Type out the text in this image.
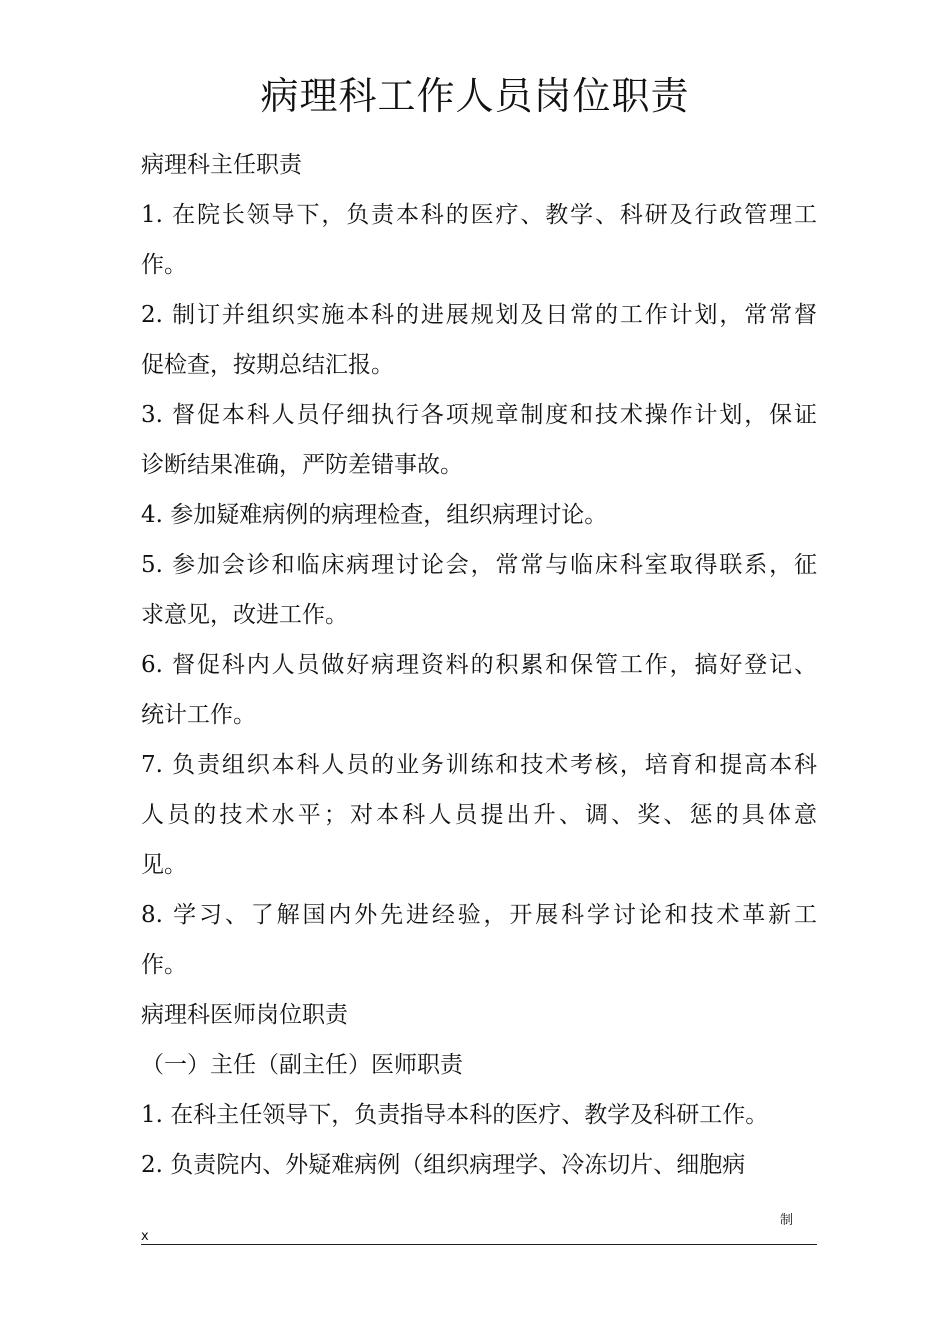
病理科工作人员岗位职责
病理科主任职责
1. 在院长领导下，负责本科的医疗、教学、科研及行政管理工
作。
2. 制订并组织实施本科的进展规划及日常的工作计划，常常督
促检查，按期总结汇报。
3. 督促本科人员仔细执行各项规章制度和技术操作计划，保证
诊断结果准确，严防差错事故。
4. 参加疑难病例的病理检查，组织病理讨论。
5. 参加会诊和临床病理讨论会，常常与临床科室取得联系，征
求意见，改进工作。
6. 督促科内人员做好病理资料的积累和保管工作，搞好登记、
统计工作。
7. 负责组织本科人员的业务训练和技术考核，培育和提高本科
人员的技术水平；对本科人员提出升、调、奖、惩的具体意
见。
8. 学习、了解国内外先进经验，开展科学讨论和技术革新工
作。
病理科医师岗位职责
（一）主任（副主任）医师职责
1. 在科主任领导下，负责指导本科的医疗、教学及科研工作。
2. 负责院内、外疑难病例（组织病理学、冷冻切片、细胞病
制
x
